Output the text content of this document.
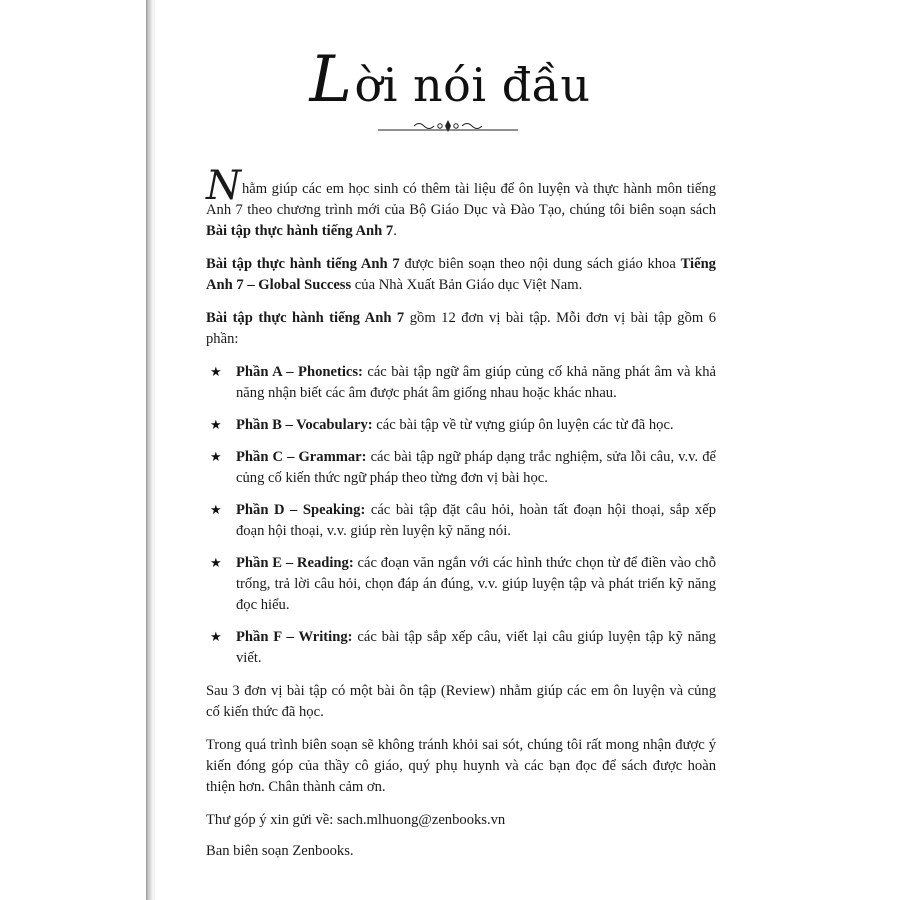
Lời nói đầu

Nhằm giúp các em học sinh có thêm tài liệu để ôn luyện và thực hành môn tiếng Anh 7 theo chương trình mới của Bộ Giáo Dục và Đào Tạo, chúng tôi biên soạn sách Bài tập thực hành tiếng Anh 7.

Bài tập thực hành tiếng Anh 7 được biên soạn theo nội dung sách giáo khoa Tiếng Anh 7 – Global Success của Nhà Xuất Bản Giáo dục Việt Nam.

Bài tập thực hành tiếng Anh 7 gồm 12 đơn vị bài tập. Mỗi đơn vị bài tập gồm 6 phần:

★ Phần A – Phonetics: các bài tập ngữ âm giúp củng cố khả năng phát âm và khả năng nhận biết các âm được phát âm giống nhau hoặc khác nhau.
★ Phần B – Vocabulary: các bài tập về từ vựng giúp ôn luyện các từ đã học.
★ Phần C – Grammar: các bài tập ngữ pháp dạng trắc nghiệm, sửa lỗi câu, v.v. để củng cố kiến thức ngữ pháp theo từng đơn vị bài học.
★ Phần D – Speaking: các bài tập đặt câu hỏi, hoàn tất đoạn hội thoại, sắp xếp đoạn hội thoại, v.v. giúp rèn luyện kỹ năng nói.
★ Phần E – Reading: các đoạn văn ngắn với các hình thức chọn từ để điền vào chỗ trống, trả lời câu hỏi, chọn đáp án đúng, v.v. giúp luyện tập và phát triển kỹ năng đọc hiểu.
★ Phần F – Writing: các bài tập sắp xếp câu, viết lại câu giúp luyện tập kỹ năng viết.

Sau 3 đơn vị bài tập có một bài ôn tập (Review) nhằm giúp các em ôn luyện và củng cố kiến thức đã học.

Trong quá trình biên soạn sẽ không tránh khỏi sai sót, chúng tôi rất mong nhận được ý kiến đóng góp của thầy cô giáo, quý phụ huynh và các bạn đọc để sách được hoàn thiện hơn. Chân thành cảm ơn.

Thư góp ý xin gửi về: sach.mlhuong@zenbooks.vn

Ban biên soạn Zenbooks.
